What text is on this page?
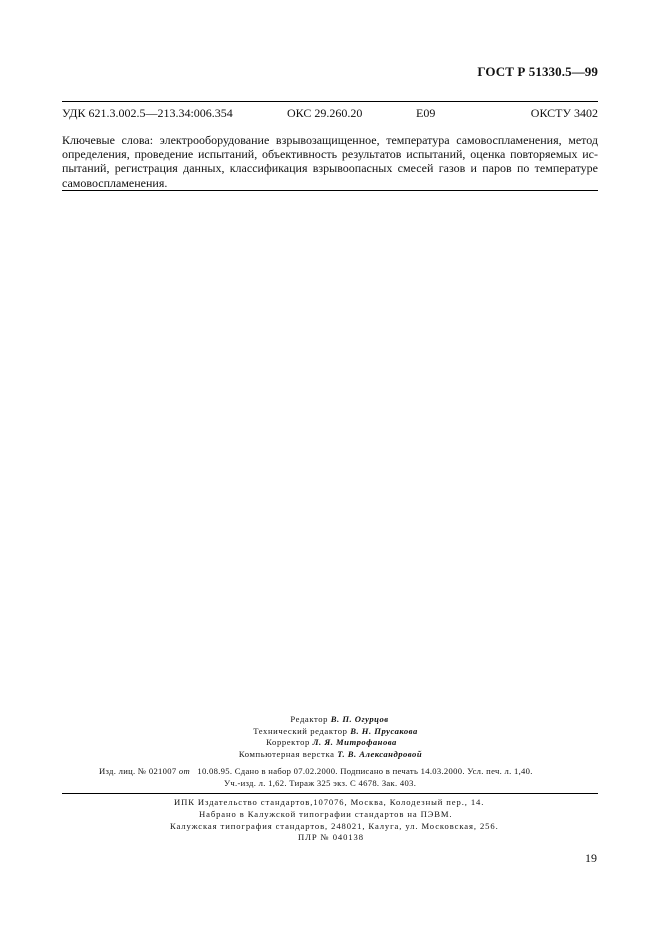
ГОСТ Р 51330.5—99
УДК 621.3.002.5—213.34:006.354	ОКС 29.260.20	Е09	ОКСТУ 3402
Ключевые слова: электрооборудование взрывозащищенное, температура самовоспламенения, метод
определения, проведение испытаний, объективность результатов испытаний, оценка повторяемых ис-
пытаний, регистрация данных, классификация взрывоопасных смесей газов и паров по температуре
самовоспламенения.
Редактор В. П. Огурцов
Технический редактор В. Н. Прусакова
Корректор Л. Я. Митрофанова
Компьютерная верстка Т. В. Александровой
Изд. лиц. № 021007 от 10.08.95. Сдано в набор 07.02.2000. Подписано в печать 14.03.2000. Усл. печ. л. 1,40.
Уч.-изд. л. 1,62. Тираж 325 экз. С 4678. Зак. 403.
ИПК Издательство стандартов,107076, Москва, Колодезный пер., 14.
Набрано в Калужской типографии стандартов на ПЭВМ.
Калужская типография стандартов, 248021, Калуга, ул. Московская, 256.
ПЛР № 040138
19
